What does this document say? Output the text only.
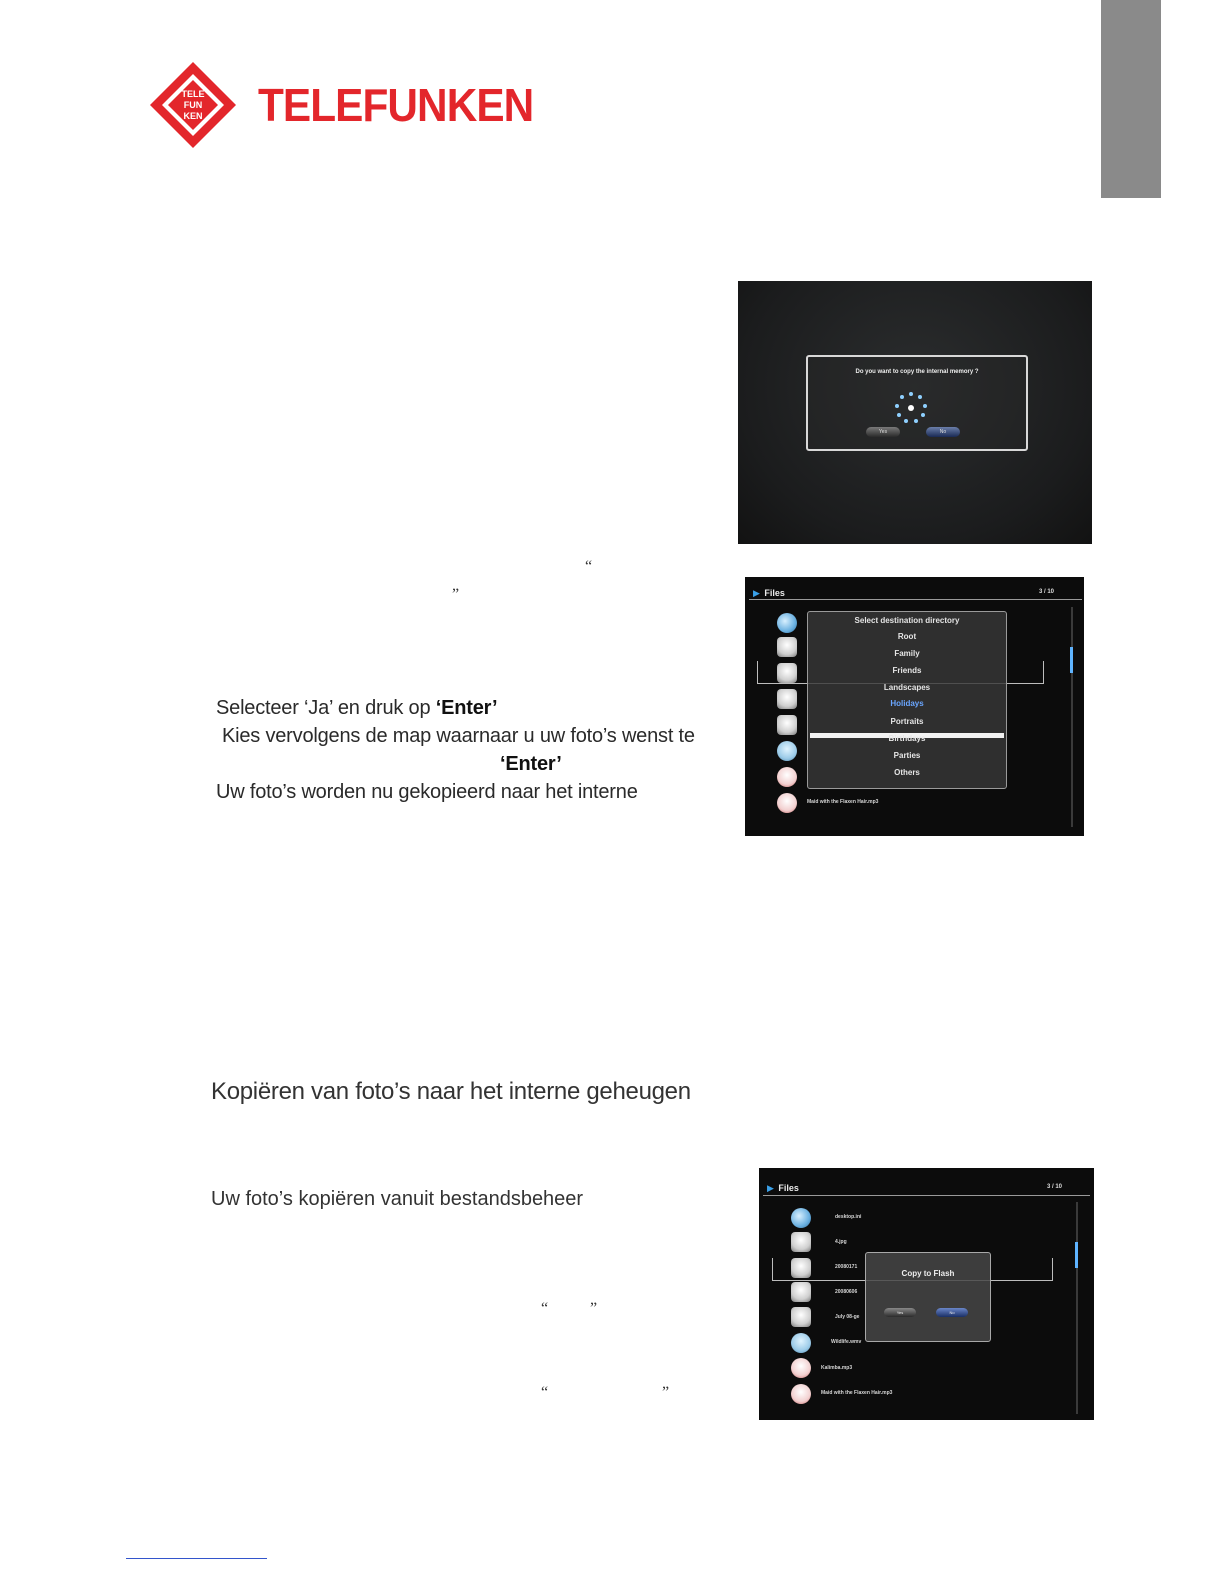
TELE
FUN
KEN TELEFUNKEN
Do you want to copy the internal memory ?
Yes	No
“
”	▶ Files	3 / 10
Maid with the Flaxen Hair.mp3
Select destination directory
Root
Family
Friends
Landscapes
Holidays
Portraits
Birthdays
Parties
Others
Selecteer ‘Ja’ en druk op ‘Enter’
Kies vervolgens de map waarnaar u uw foto’s wenst te
‘Enter’
Uw foto’s worden nu gekopieerd naar het interne
Kopiëren van foto’s naar het interne geheugen
Uw foto’s kopiëren vanuit bestandsbeheer
“	”
“	”
▶ Files	3 / 10
desktop.ini
4.jpg
20080171
20080606
July 08-ge
Wildlife.wmv
Kalimba.mp3
Maid with the Flaxen Hair.mp3
Copy to Flash
Yes	No
